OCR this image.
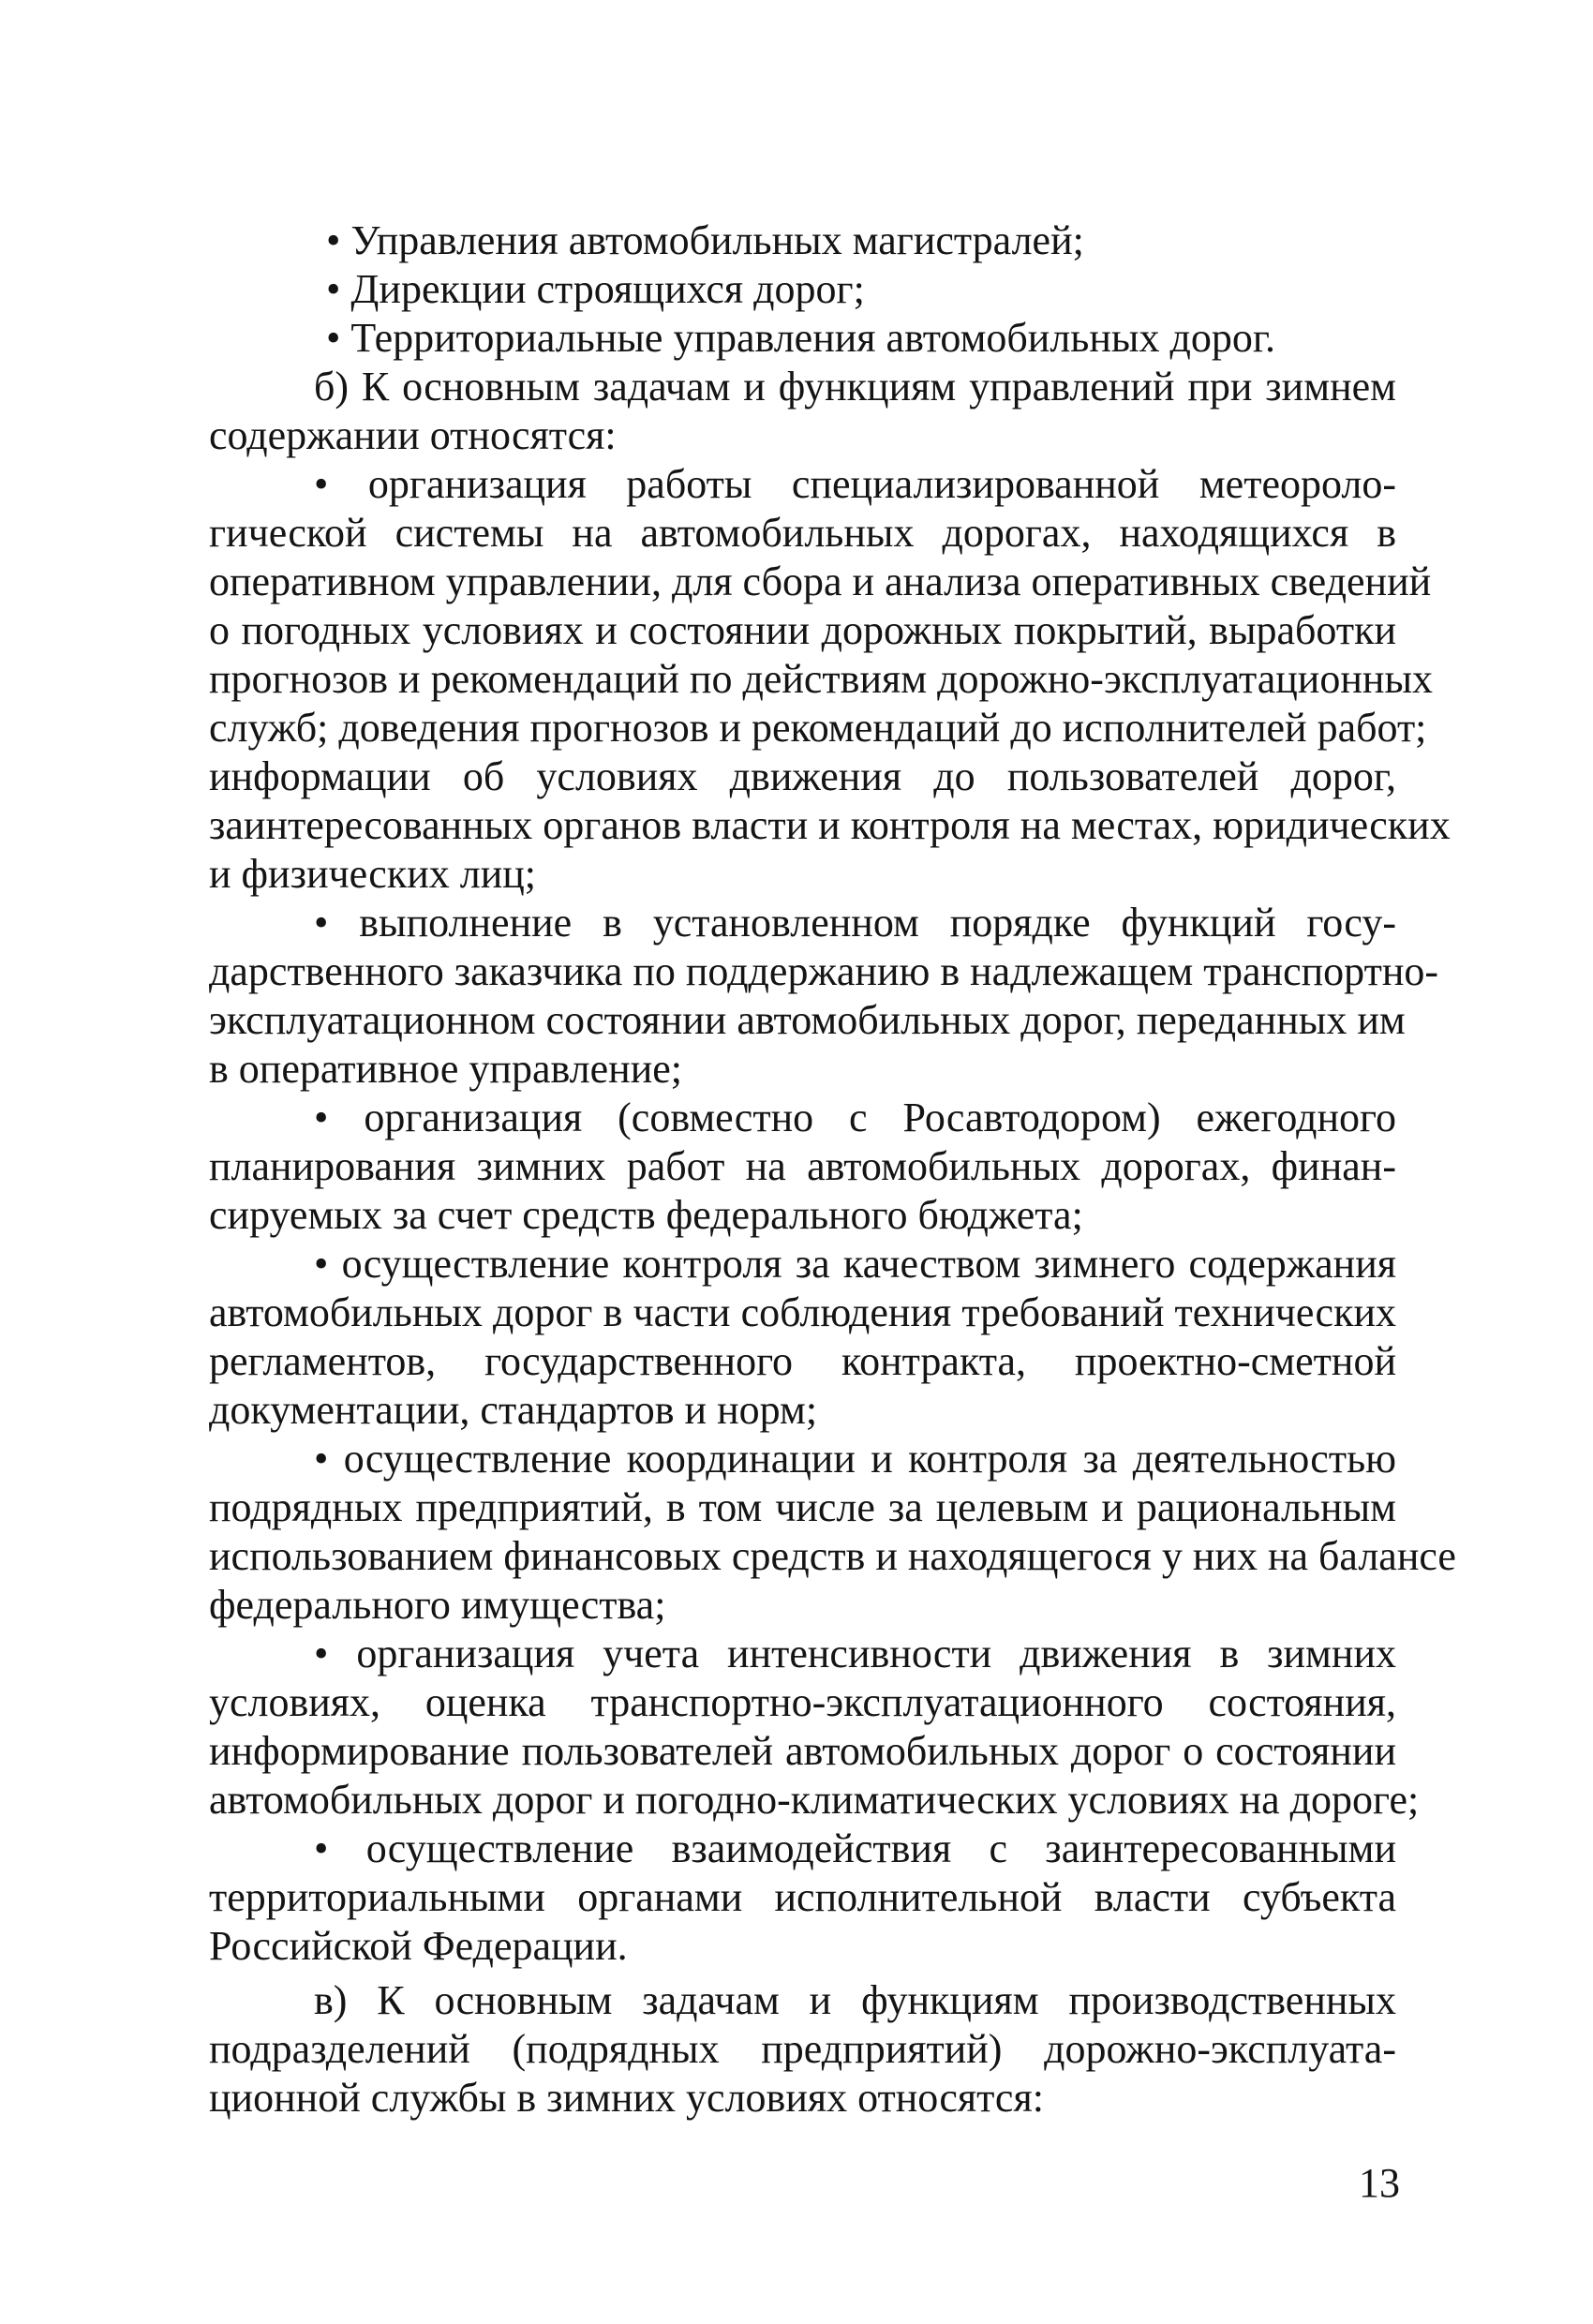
• Управления автомобильных магистралей;
• Дирекции строящихся дорог;
• Территориальные управления автомобильных дорог.
б) К основным задачам и функциям управлений при зимнем
содержании относятся:
• организация работы специализированной метеороло-
гической системы на автомобильных дорогах, находящихся в
оперативном управлении, для сбора и анализа оперативных сведений
о погодных условиях и состоянии дорожных покрытий, выработки
прогнозов и рекомендаций по действиям дорожно-эксплуатационных
служб; доведения прогнозов и рекомендаций до исполнителей работ;
информации об условиях движения до пользователей дорог,
заинтересованных органов власти и контроля на местах, юридических
и физических лиц;
• выполнение в установленном порядке функций госу-
дарственного заказчика по поддержанию в надлежащем транспортно-
эксплуатационном состоянии автомобильных дорог, переданных им
в оперативное управление;
• организация (совместно с Росавтодором) ежегодного
планирования зимних работ на автомобильных дорогах, финан-
сируемых за счет средств федерального бюджета;
• осуществление контроля за качеством зимнего содержания
автомобильных дорог в части соблюдения требований технических
регламентов, государственного контракта, проектно-сметной
документации, стандартов и норм;
• осуществление координации и контроля за деятельностью
подрядных предприятий, в том числе за целевым и рациональным
использованием финансовых средств и находящегося у них на балансе
федерального имущества;
• организация учета интенсивности движения в зимних
условиях, оценка транспортно-эксплуатационного состояния,
информирование пользователей автомобильных дорог о состоянии
автомобильных дорог и погодно-климатических условиях на дороге;
• осуществление взаимодействия с заинтересованными
территориальными органами исполнительной власти субъекта
Российской Федерации.
в) К основным задачам и функциям производственных
подразделений (подрядных предприятий) дорожно-эксплуата-
ционной службы в зимних условиях относятся:
13
